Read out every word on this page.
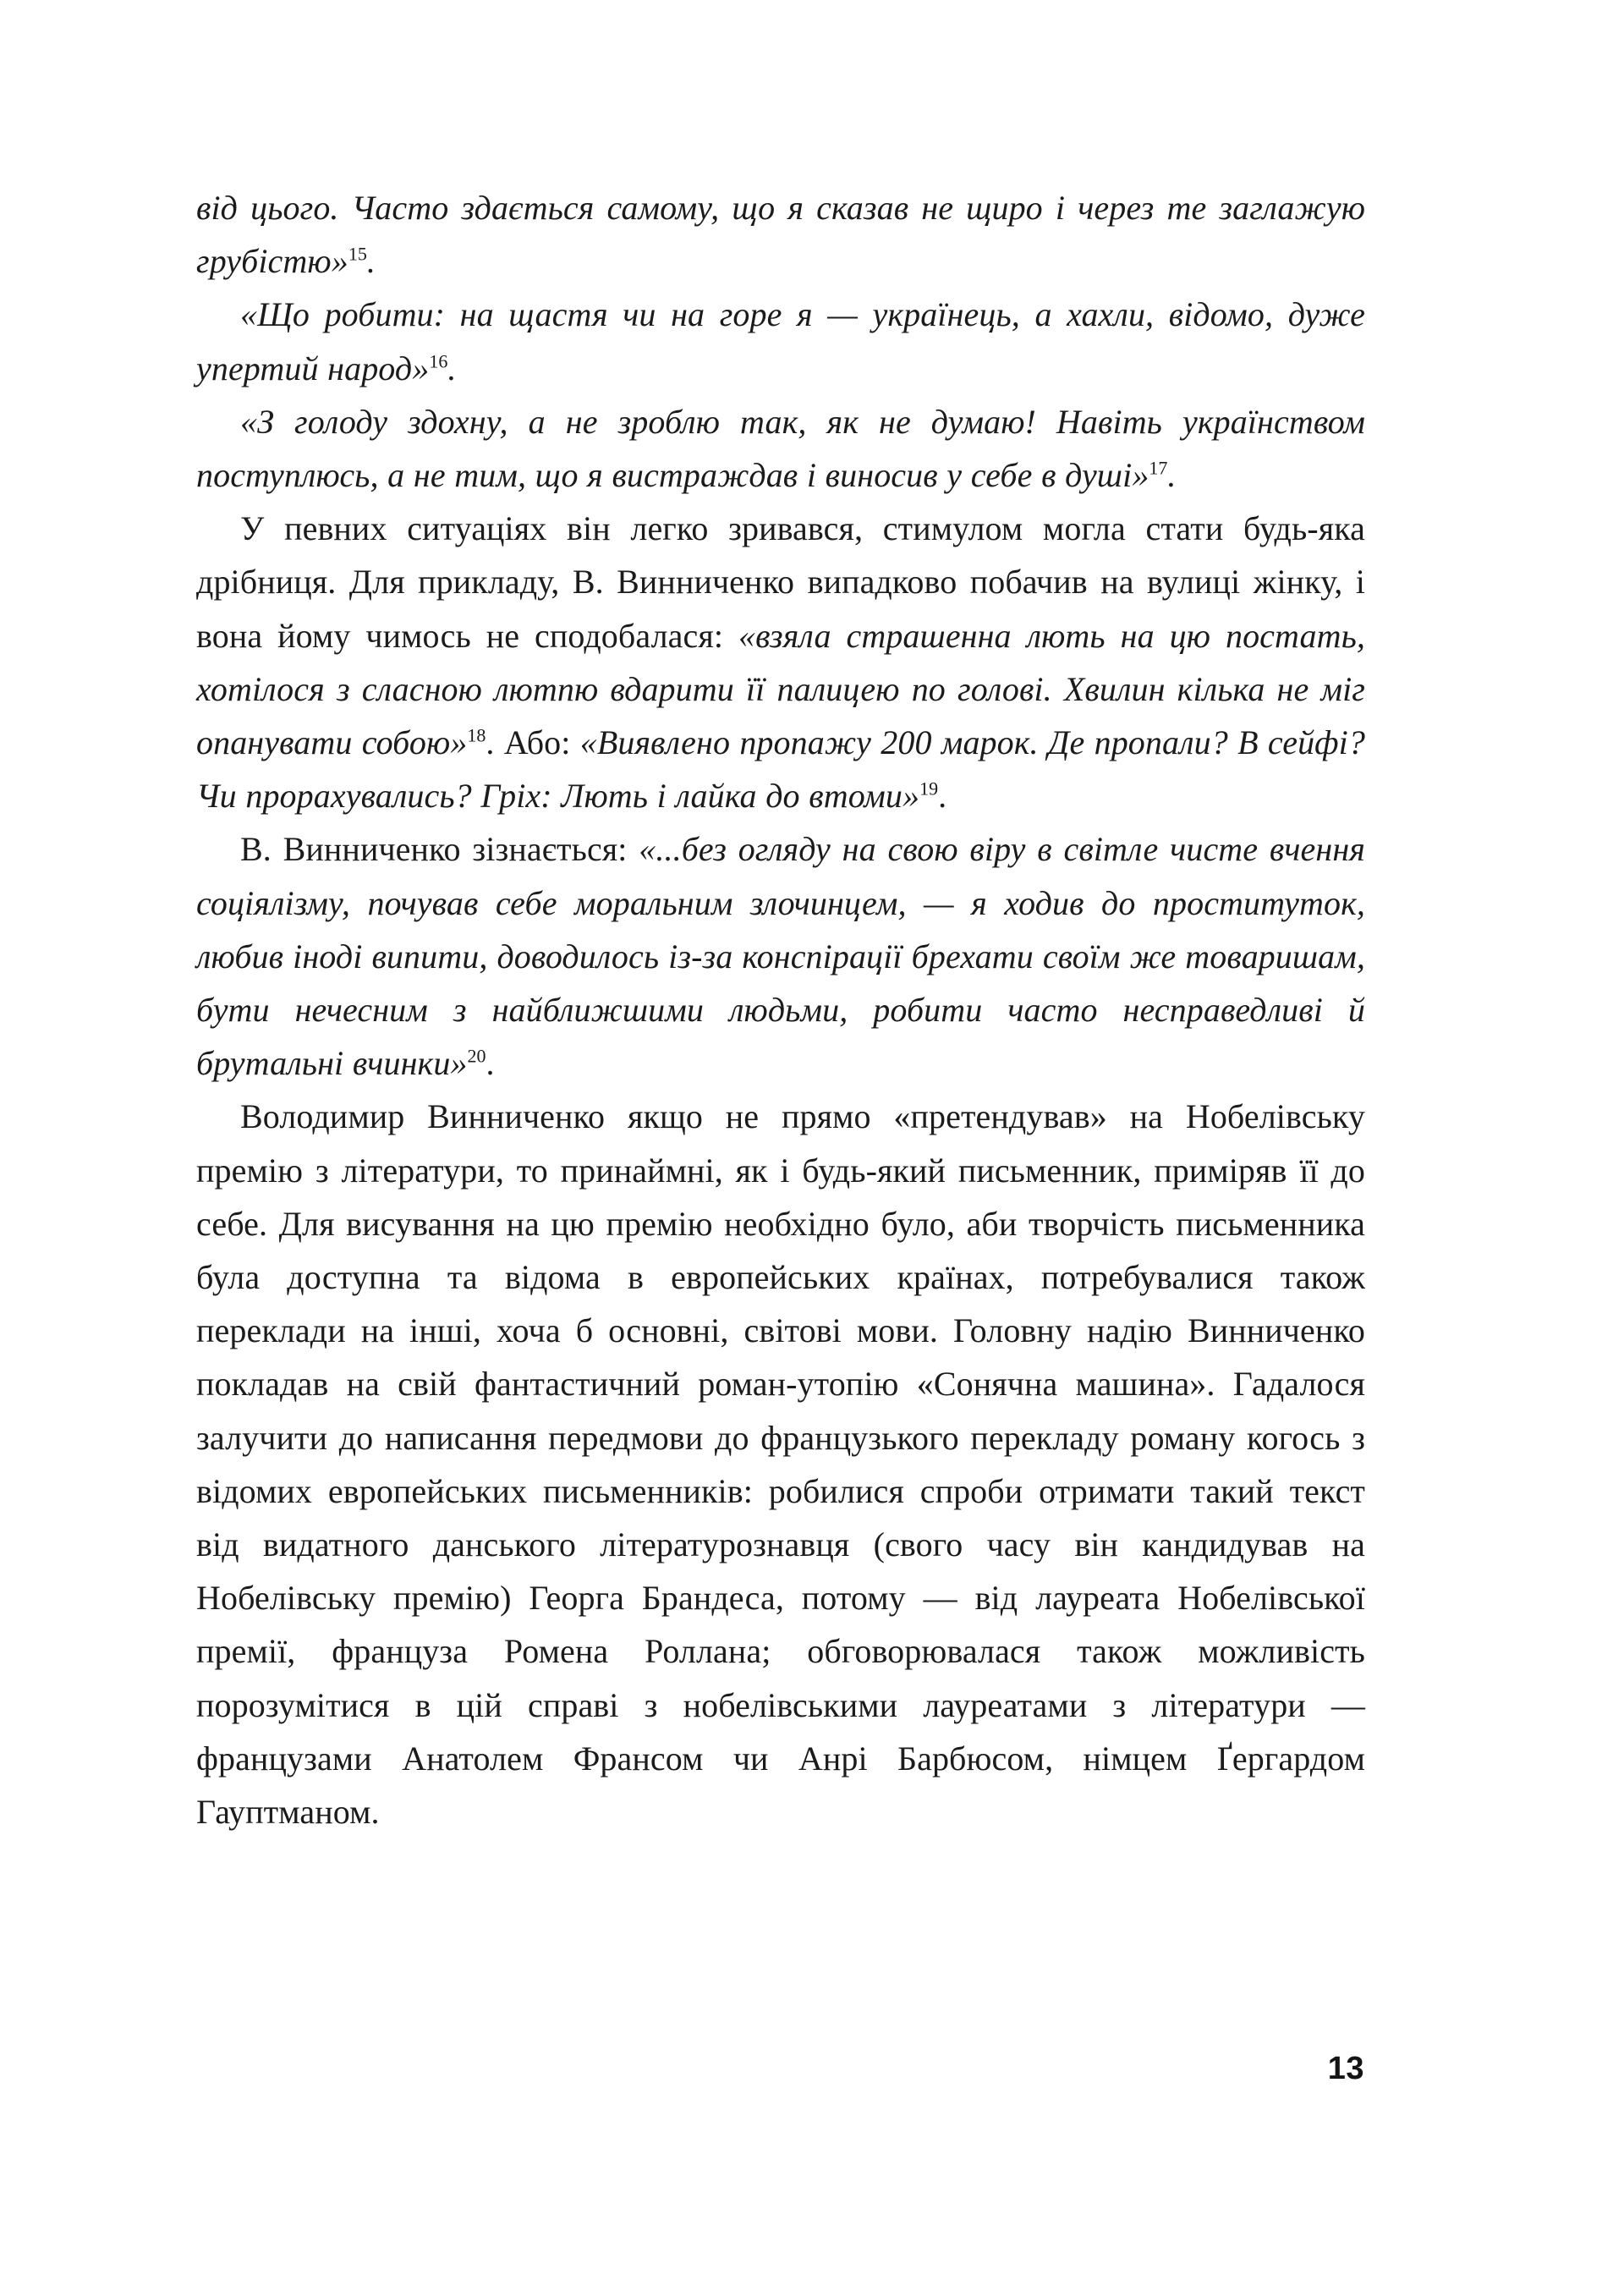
від цього. Часто здається самому, що я сказав не щиро і через те заглажую грубістю»$^{15}$.

«Що робити: на щастя чи на горе я — українець, а хахли, відомо, дуже упертий народ»$^{16}$.

«З голоду здохну, а не зроблю так, як не думаю! Навіть українством поступлюсь, а не тим, що я вистраждав і виносив у себе в душі»$^{17}$.

У певних ситуаціях він легко зривався, стимулом могла стати будь-яка дрібниця. Для прикладу, В. Винниченко випадково побачив на вулиці жінку, і вона йому чимось не сподобалася: «взяла страшенна лють на цю постать, хотілося з сласною лютпю вдарити її палицею по голові. Хвилин кілька не міг опанувати собою»$^{18}$. Або: «Виявлено пропажу 200 марок. Де пропали? В сейфі? Чи прорахувались? Гріх: Лють і лайка до втоми»$^{19}$.

В. Винниченко зізнається: «...без огляду на свою віру в світле чисте вчення соціялізму, почував себе моральним злочинцем, — я ходив до проституток, любив іноді випити, доводилось із-за конспірації брехати своїм же товаришам, бути нечесним з найближшими людьми, робити часто несправедливі й брутальні вчинки»$^{20}$.

Володимир Винниченко якщо не прямо «претендував» на Нобелівську премію з літератури, то принаймні, як і будь-який письменник, приміряв її до себе. Для висування на цю премію необхідно було, аби творчість письменника була доступна та відома в европейських країнах, потребувалися також переклади на інші, хоча б основні, світові мови. Головну надію Винниченко покладав на свій фантастичний роман-утопію «Сонячна машина». Гадалося залучити до написання передмови до французького перекладу роману когось з відомих европейських письменників: робилися спроби отримати такий текст від видатного данського літературознавця (свого часу він кандидував на Нобелівську премію) Георга Брандеса, потому — від лауреата Нобелівської премії, француза Ромена Роллана; обговорювалася також можливість порозумітися в цій справі з нобелівськими лауреатами з літератури — французами Анатолем Франсом чи Анрі Барбюсом, німцем Ґергардом Гауптманом.

13
